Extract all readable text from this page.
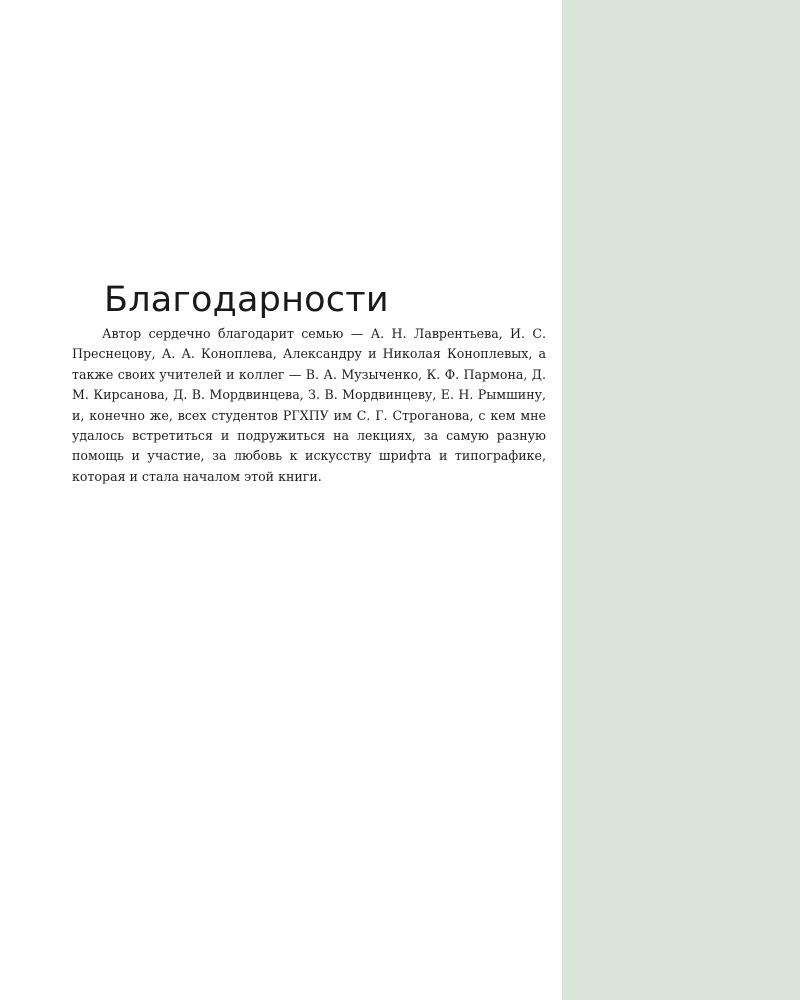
Благодарности

Автор сердечно благодарит семью — А. Н. Лаврентьева, И. С. Преснецову, А. А. Коноплева, Александру и Николая Коноплевых, а также своих учителей и коллег — В. А. Музыченко, К. Ф. Пармона, Д. М. Кирсанова, Д. В. Мордвинцева, З. В. Мордвинцеву, Е. Н. Рымшину, и, конечно же, всех студентов РГХПУ им С. Г. Строганова, с кем мне удалось встретиться и подружиться на лекциях, за самую разную помощь и участие, за любовь к искусству шрифта и типографике, которая и стала началом этой книги.
